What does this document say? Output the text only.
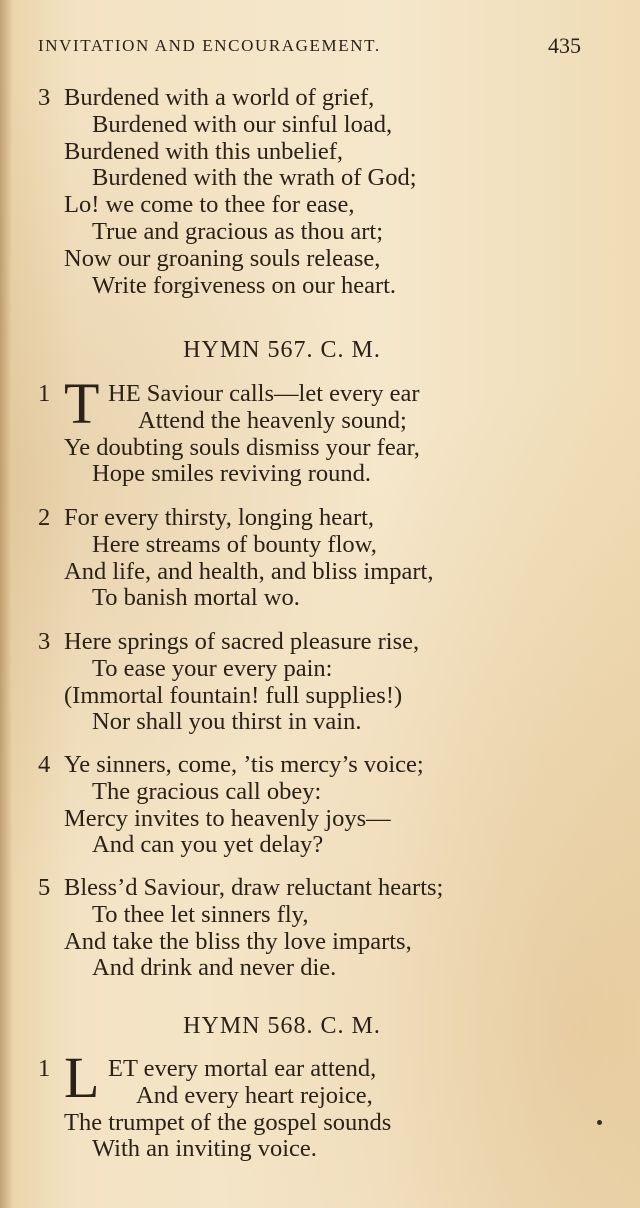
INVITATION AND ENCOURAGEMENT.	435
3 Burdened with a world of grief,
Burdened with our sinful load,
Burdened with this unbelief,
Burdened with the wrath of God;
Lo! we come to thee for ease,
True and gracious as thou art;
Now our groaning souls release,
Write forgiveness on our heart.
HYMN 567. C. M.
1 HE Saviour calls—let every ear
Attend the heavenly sound;
Ye doubting souls dismiss your fear,
Hope smiles reviving round.
T
2 For every thirsty, longing heart,
Here streams of bounty flow,
And life, and health, and bliss impart,
To banish mortal wo.
3 Here springs of sacred pleasure rise,
To ease your every pain:
(Immortal fountain! full supplies!)
Nor shall you thirst in vain.
4 Ye sinners, come, ’tis mercy’s voice;
The gracious call obey:
Mercy invites to heavenly joys—
And can you yet delay?
5 Bless’d Saviour, draw reluctant hearts;
To thee let sinners fly,
And take the bliss thy love imparts,
And drink and never die.
HYMN 568. C. M.
1 ET every mortal ear attend,
And every heart rejoice,
The trumpet of the gospel sounds
With an inviting voice.
L
